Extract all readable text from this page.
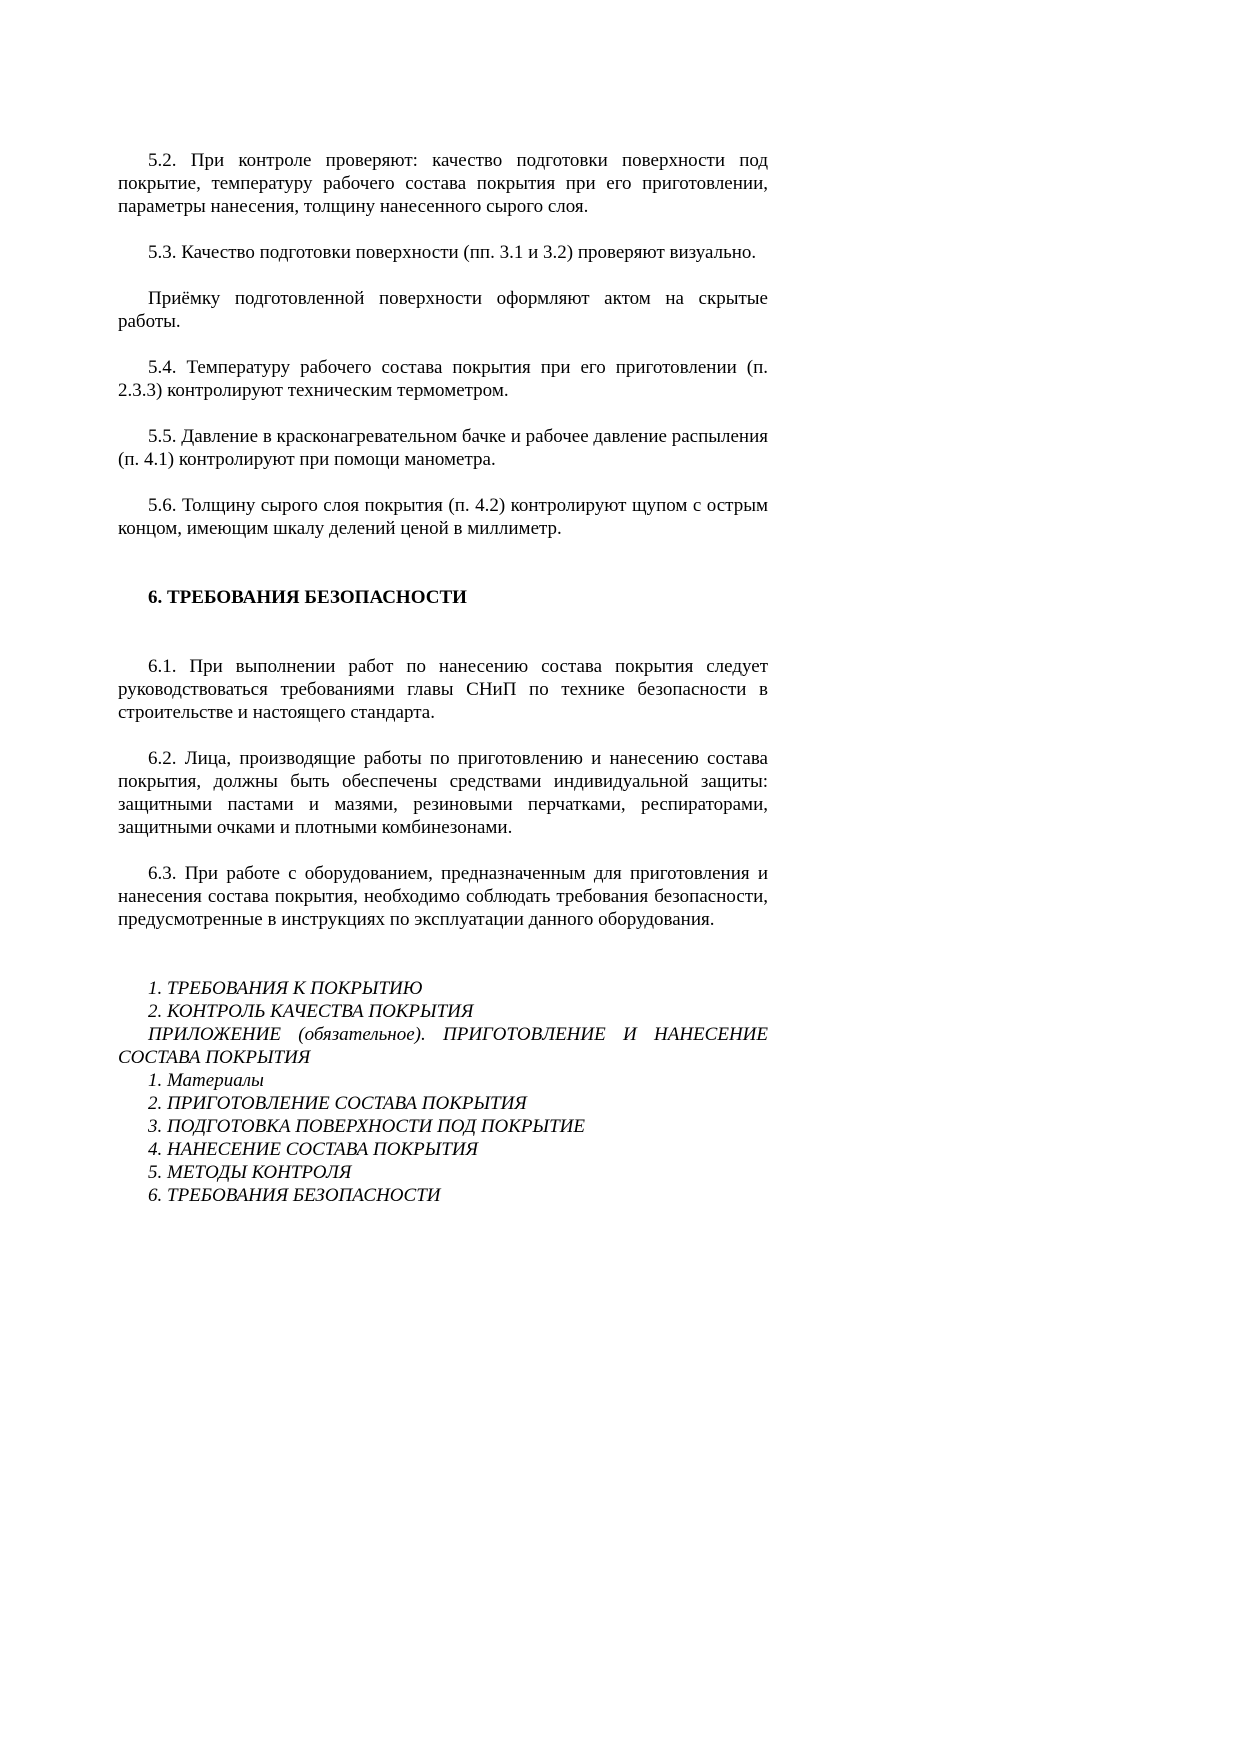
5.2. При контроле проверяют: качество подготовки поверхности под покрытие, температуру рабочего состава покрытия при его приготовлении, параметры нанесения, толщину нанесенного сырого слоя.

5.3. Качество подготовки поверхности (пп. 3.1 и 3.2) проверяют визуально.

Приёмку подготовленной поверхности оформляют актом на скрытые работы.

5.4. Температуру рабочего состава покрытия при его приготовлении (п. 2.3.3) контролируют техническим термометром.

5.5. Давление в красконагревательном бачке и рабочее давление распыления (п. 4.1) контролируют при помощи манометра.

5.6. Толщину сырого слоя покрытия (п. 4.2) контролируют щупом с острым концом, имеющим шкалу делений ценой в миллиметр.

6. ТРЕБОВАНИЯ БЕЗОПАСНОСТИ

6.1. При выполнении работ по нанесению состава покрытия следует руководствоваться требованиями главы СНиП по технике безопасности в строительстве и настоящего стандарта.

6.2. Лица, производящие работы по приготовлению и нанесению состава покрытия, должны быть обеспечены средствами индивидуальной защиты: защитными пастами и мазями, резиновыми перчатками, респираторами, защитными очками и плотными комбинезонами.

6.3. При работе с оборудованием, предназначенным для приготовления и нанесения состава покрытия, необходимо соблюдать требования безопасности, предусмотренные в инструкциях по эксплуатации данного оборудования.

1. ТРЕБОВАНИЯ К ПОКРЫТИЮ

2. КОНТРОЛЬ КАЧЕСТВА ПОКРЫТИЯ

ПРИЛОЖЕНИЕ (обязательное). ПРИГОТОВЛЕНИЕ И НАНЕСЕНИЕ СОСТАВА ПОКРЫТИЯ

1. Материалы

2. ПРИГОТОВЛЕНИЕ СОСТАВА ПОКРЫТИЯ

3. ПОДГОТОВКА ПОВЕРХНОСТИ ПОД ПОКРЫТИЕ

4. НАНЕСЕНИЕ СОСТАВА ПОКРЫТИЯ

5. МЕТОДЫ КОНТРОЛЯ

6. ТРЕБОВАНИЯ БЕЗОПАСНОСТИ
